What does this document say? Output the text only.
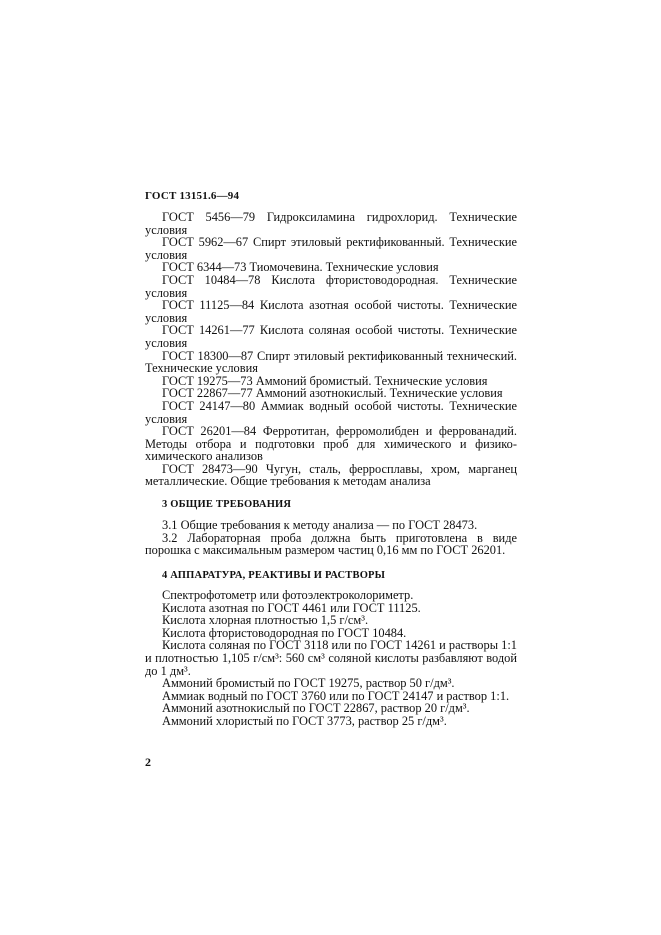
ГОСТ 13151.6—94

ГОСТ 5456—79 Гидроксиламина гидрохлорид. Технические условия

ГОСТ 5962—67 Спирт этиловый ректификованный. Технические условия

ГОСТ 6344—73 Тиомочевина. Технические условия

ГОСТ 10484—78 Кислота фтористоводородная. Технические условия

ГОСТ 11125—84 Кислота азотная особой чистоты. Технические условия

ГОСТ 14261—77 Кислота соляная особой чистоты. Технические условия

ГОСТ 18300—87 Спирт этиловый ректификованный технический. Технические условия

ГОСТ 19275—73 Аммоний бромистый. Технические условия

ГОСТ 22867—77 Аммоний азотнокислый. Технические условия

ГОСТ 24147—80 Аммиак водный особой чистоты. Технические условия

ГОСТ 26201—84 Ферротитан, ферромолибден и феррованадий. Методы отбора и подготовки проб для химического и физико-химического анализов

ГОСТ 28473—90 Чугун, сталь, ферросплавы, хром, марганец металлические. Общие требования к методам анализа

3 ОБЩИЕ ТРЕБОВАНИЯ

3.1 Общие требования к методу анализа — по ГОСТ 28473.

3.2 Лабораторная проба должна быть приготовлена в виде порошка с максимальным размером частиц 0,16 мм по ГОСТ 26201.

4 АППАРАТУРА, РЕАКТИВЫ И РАСТВОРЫ

Спектрофотометр или фотоэлектроколориметр.

Кислота азотная по ГОСТ 4461 или ГОСТ 11125.

Кислота хлорная плотностью 1,5 г/см³.

Кислота фтористоводородная по ГОСТ 10484.

Кислота соляная по ГОСТ 3118 или по ГОСТ 14261 и растворы 1:1 и плотностью 1,105 г/см³: 560 см³ соляной кислоты разбавляют водой до 1 дм³.

Аммоний бромистый по ГОСТ 19275, раствор 50 г/дм³.

Аммиак водный по ГОСТ 3760 или по ГОСТ 24147 и раствор 1:1.

Аммоний азотнокислый по ГОСТ 22867, раствор 20 г/дм³.

Аммоний хлористый по ГОСТ 3773, раствор 25 г/дм³.

2
